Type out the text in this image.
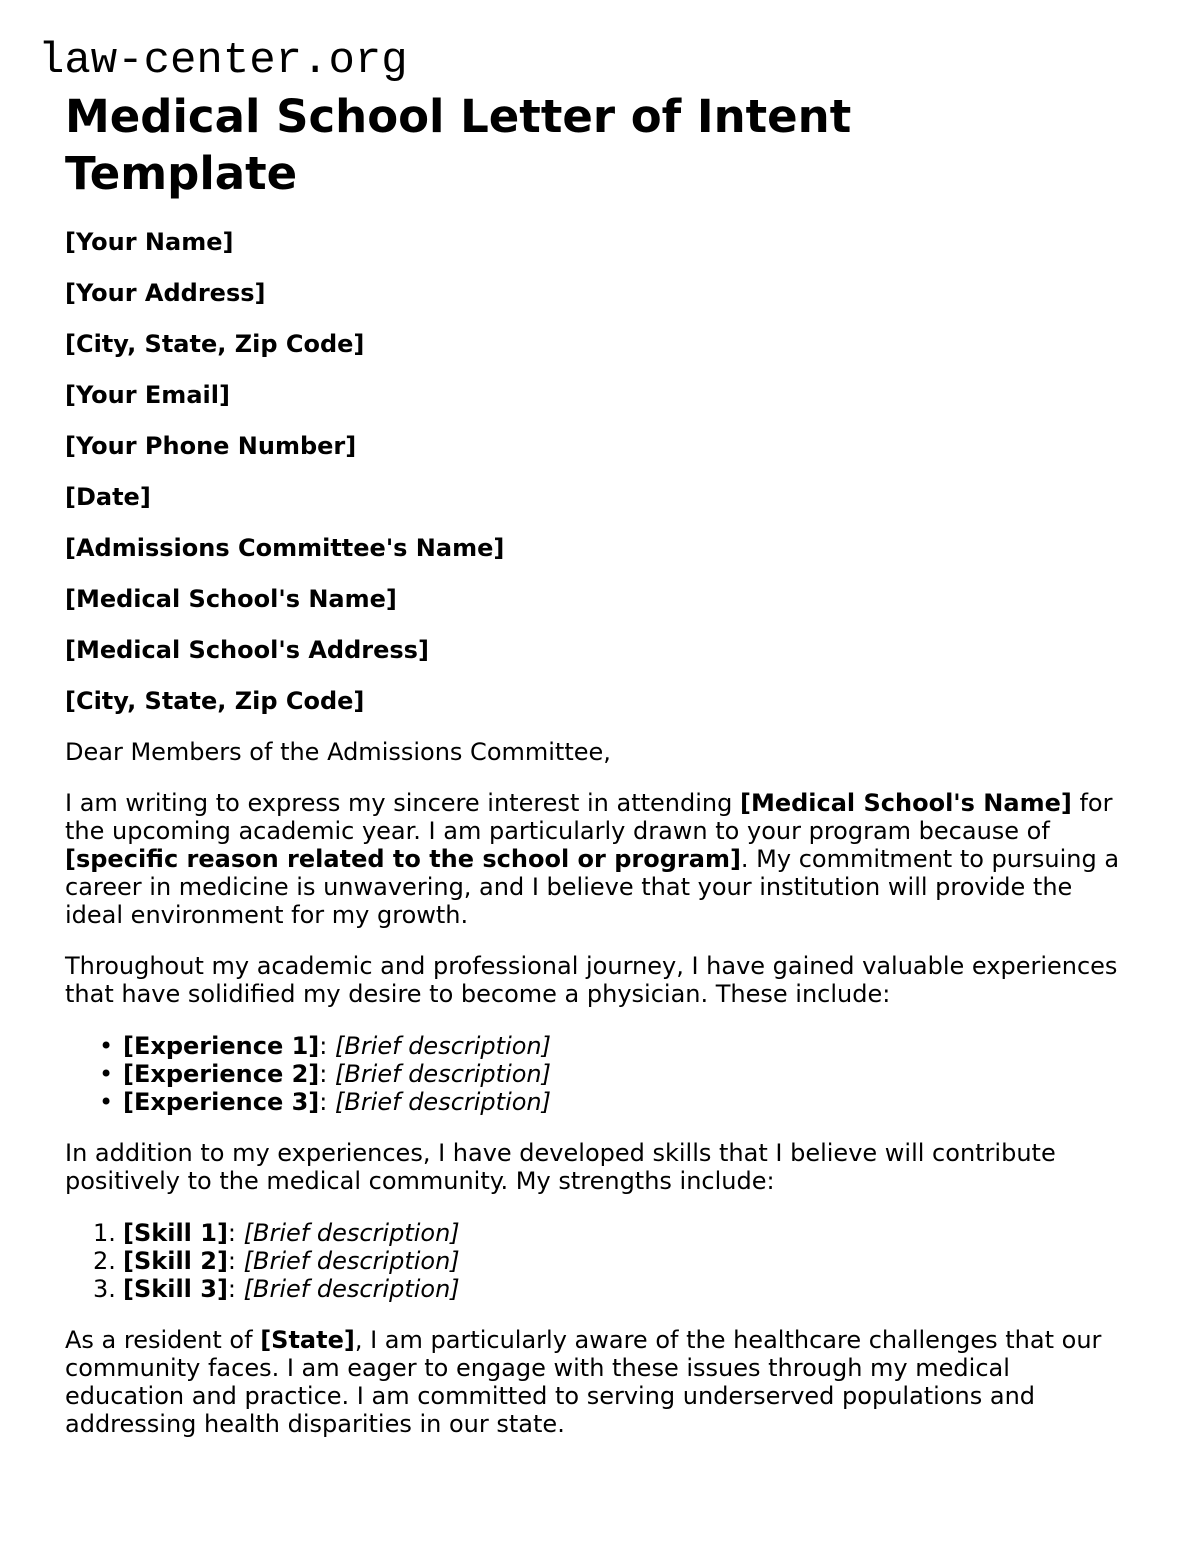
law-center.org
Medical School Letter of Intent Template

[Your Name]

[Your Address]

[City, State, Zip Code]

[Your Email]

[Your Phone Number]

[Date]

[Admissions Committee's Name]

[Medical School's Name]

[Medical School's Address]

[City, State, Zip Code]

Dear Members of the Admissions Committee,

I am writing to express my sincere interest in attending [Medical School's Name] for the upcoming academic year. I am particularly drawn to your program because of [specific reason related to the school or program]. My commitment to pursuing a career in medicine is unwavering, and I believe that your institution will provide the ideal environment for my growth.

Throughout my academic and professional journey, I have gained valuable experiences that have solidified my desire to become a physician. These include:

• [Experience 1]: [Brief description]
• [Experience 2]: [Brief description]
• [Experience 3]: [Brief description]

In addition to my experiences, I have developed skills that I believe will contribute positively to the medical community. My strengths include:

[Skill 1]: [Brief description]
[Skill 2]: [Brief description]
[Skill 3]: [Brief description]

As a resident of [State], I am particularly aware of the healthcare challenges that our community faces. I am eager to engage with these issues through my medical education and practice. I am committed to serving underserved populations and addressing health disparities in our state.
